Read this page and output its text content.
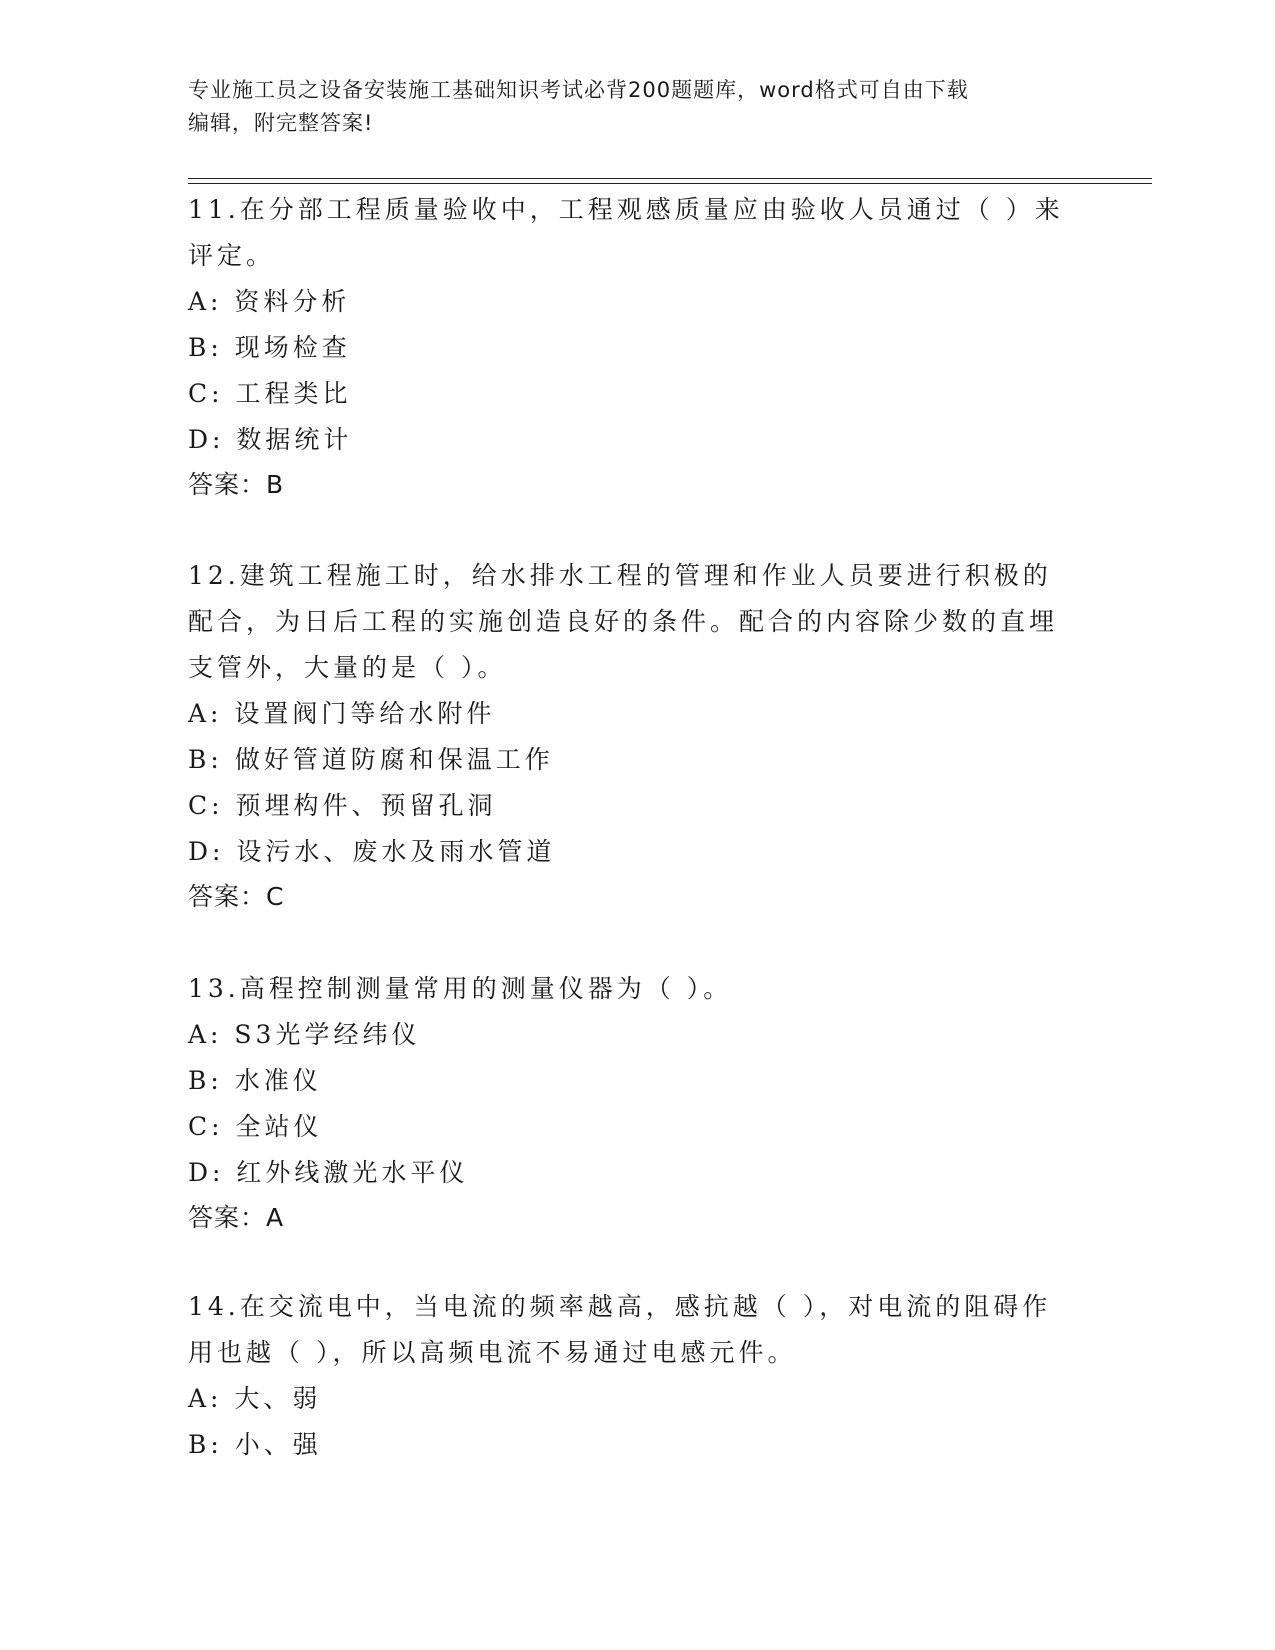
专业施工员之设备安装施工基础知识考试必背200题题库，word格式可自由下载
编辑，附完整答案!
11.在分部工程质量验收中，工程观感质量应由验收人员通过（ ）来评定。
A: 资料分析
B: 现场检查
C: 工程类比
D: 数据统计
答案：B
12.建筑工程施工时，给水排水工程的管理和作业人员要进行积极的配合，为日后工程的实施创造良好的条件。配合的内容除少数的直埋支管外，大量的是（ ）。
A: 设置阀门等给水附件
B: 做好管道防腐和保温工作
C: 预埋构件、预留孔洞
D: 设污水、废水及雨水管道
答案：C
13.高程控制测量常用的测量仪器为（ ）。
A: S3光学经纬仪
B: 水准仪
C: 全站仪
D: 红外线激光水平仪
答案：A
14.在交流电中，当电流的频率越高，感抗越（ ），对电流的阻碍作用也越（ ），所以高频电流不易通过电感元件。
A: 大、弱
B: 小、强
